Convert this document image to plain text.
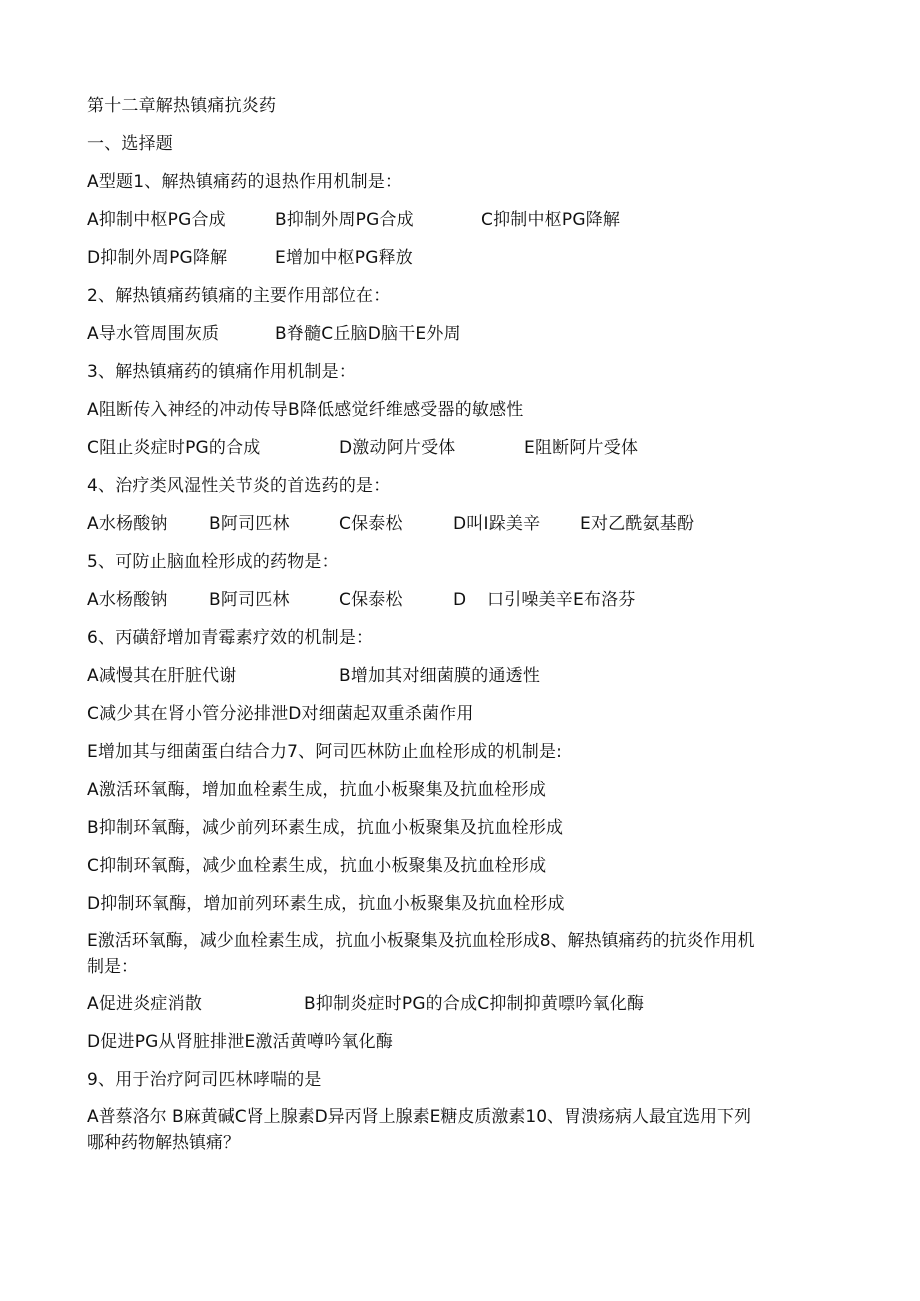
第十二章解热镇痛抗炎药
一、选择题
A型题1、解热镇痛药的退热作用机制是：
A抑制中枢PG合成	B抑制外周PG合成	C抑制中枢PG降解
D抑制外周PG降解	E增加中枢PG释放
2、解热镇痛药镇痛的主要作用部位在：
A导水管周围灰质	B脊髓C丘脑D脑干E外周
3、解热镇痛药的镇痛作用机制是：
A阻断传入神经的冲动传导B降低感觉纤维感受器的敏感性
C阻止炎症时PG的合成	D激动阿片受体	E阻断阿片受体
4、治疗类风湿性关节炎的首选药的是：
A水杨酸钠 B阿司匹林	C保泰松	D叫I跺美辛 E对乙酰氨基酚
5、可防止脑血栓形成的药物是：
A水杨酸钠 B阿司匹林	C保泰松	D 口引噪美辛E布洛芬
6、丙磺舒增加青霉素疗效的机制是：
A减慢其在肝脏代谢	B增加其对细菌膜的通透性
C减少其在肾小管分泌排泄D对细菌起双重杀菌作用
E增加其与细菌蛋白结合力7、阿司匹林防止血栓形成的机制是:
A激活环氧酶，增加血栓素生成，抗血小板聚集及抗血栓形成
B抑制环氧酶，减少前列环素生成，抗血小板聚集及抗血栓形成
C抑制环氧酶，减少血栓素生成，抗血小板聚集及抗血栓形成
D抑制环氧酶，增加前列环素生成，抗血小板聚集及抗血栓形成
E激活环氧酶，减少血栓素生成，抗血小板聚集及抗血栓形成8、解热镇痛药的抗炎作用机制是：
A促进炎症消散	B抑制炎症时PG的合成C抑制抑黄嘌吟氧化酶
D促进PG从肾脏排泄E激活黄噂吟氧化酶
9、用于治疗阿司匹林哮喘的是
A普蔡洛尔 B麻黄碱C肾上腺素D异丙肾上腺素E糖皮质激素10、胃溃疡病人最宜选用下列哪种药物解热镇痛？
